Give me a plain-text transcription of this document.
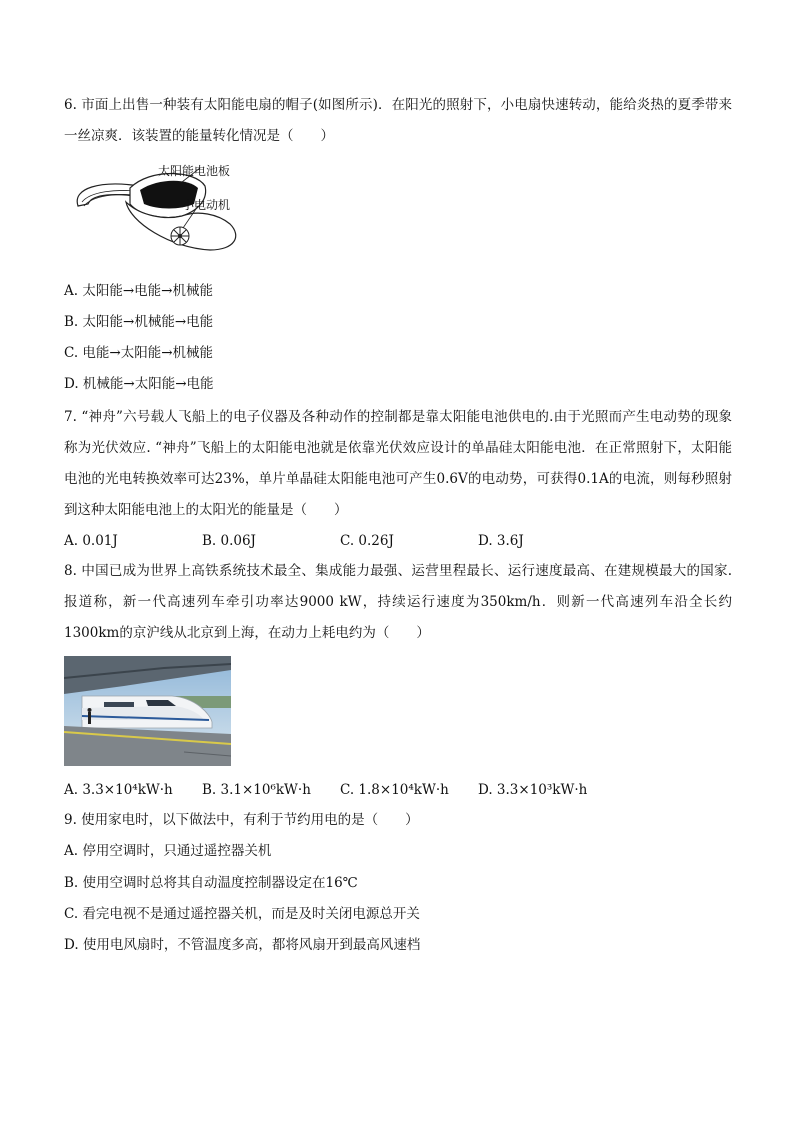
6. 市面上出售一种装有太阳能电扇的帽子(如图所示)．在阳光的照射下，小电扇快速转动，能给炎热的夏季带来一丝凉爽．该装置的能量转化情况是（　　）
太阳能电池板
小电动机
A. 太阳能→电能→机械能
B. 太阳能→机械能→电能
C. 电能→太阳能→机械能
D. 机械能→太阳能→电能
7. “神舟”六号载人飞船上的电子仪器及各种动作的控制都是靠太阳能电池供电的.由于光照而产生电动势的现象称为光伏效应. “神舟”飞船上的太阳能电池就是依靠光伏效应设计的单晶硅太阳能电池．在正常照射下，太阳能电池的光电转换效率可达23%，单片单晶硅太阳能电池可产生0.6V的电动势，可获得0.1A的电流，则每秒照射到这种太阳能电池上的太阳光的能量是（　　）
A. 0.01J	B. 0.06J	C. 0.26J	D. 3.6J
8. 中国已成为世界上高铁系统技术最全、集成能力最强、运营里程最长、运行速度最高、在建规模最大的国家.报道称，新一代高速列车牵引功率达9000 kW，持续运行速度为350km/h．则新一代高速列车沿全长约1300km的京沪线从北京到上海，在动力上耗电约为（　　）
A. 3.3×10⁴kW·h B. 3.1×10⁶kW·h C. 1.8×10⁴kW·h D. 3.3×10³kW·h
9. 使用家电时，以下做法中，有利于节约用电的是（　　）
A. 停用空调时，只通过遥控器关机
B. 使用空调时总将其自动温度控制器设定在16℃
C. 看完电视不是通过遥控器关机，而是及时关闭电源总开关
D. 使用电风扇时，不管温度多高，都将风扇开到最高风速档
